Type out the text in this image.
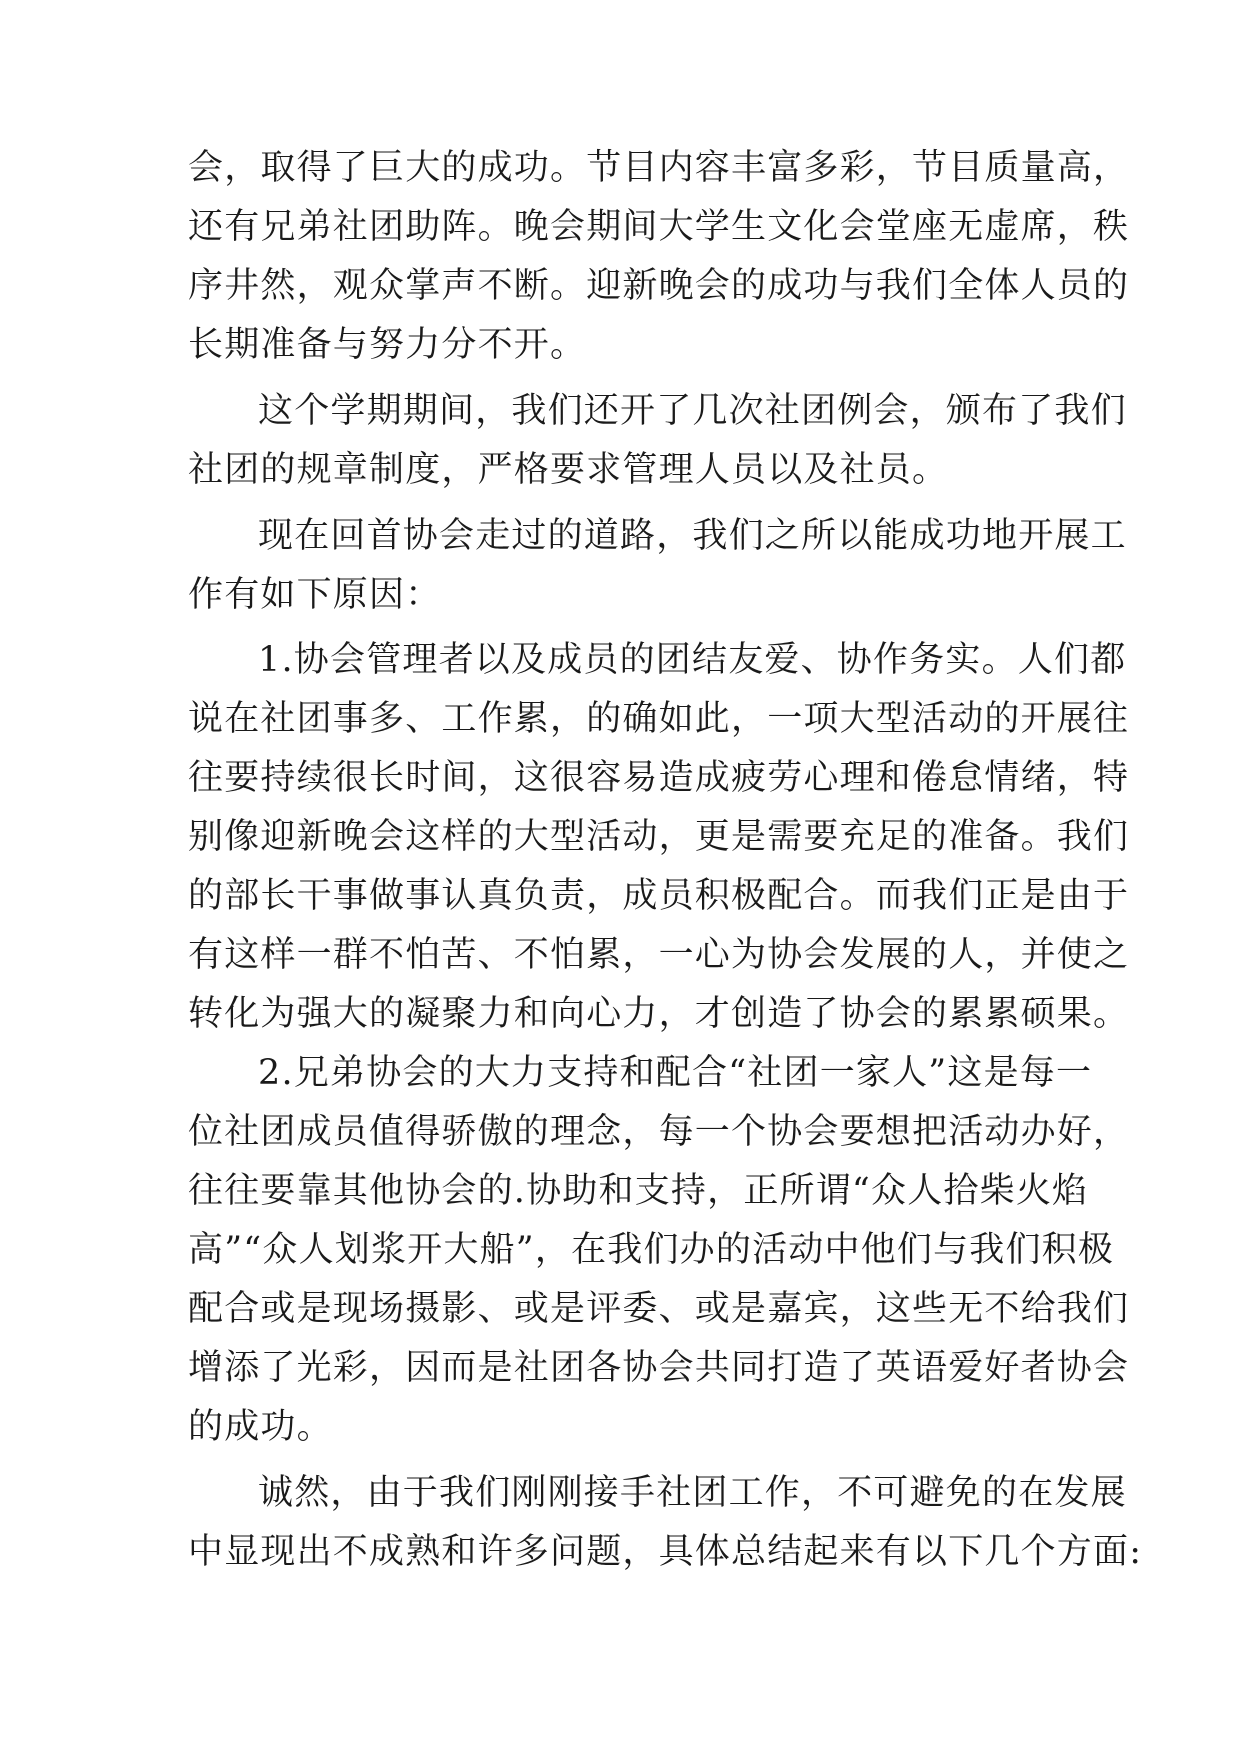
会，取得了巨大的成功。节目内容丰富多彩，节目质量高，
还有兄弟社团助阵。晚会期间大学生文化会堂座无虚席，秩
序井然，观众掌声不断。迎新晚会的成功与我们全体人员的
长期准备与努力分不开。
这个学期期间，我们还开了几次社团例会，颁布了我们
社团的规章制度，严格要求管理人员以及社员。
现在回首协会走过的道路，我们之所以能成功地开展工
作有如下原因：
1.协会管理者以及成员的团结友爱、协作务实。人们都
说在社团事多、工作累，的确如此，一项大型活动的开展往
往要持续很长时间，这很容易造成疲劳心理和倦怠情绪，特
别像迎新晚会这样的大型活动，更是需要充足的准备。我们
的部长干事做事认真负责，成员积极配合。而我们正是由于
有这样一群不怕苦、不怕累，一心为协会发展的人，并使之
转化为强大的凝聚力和向心力，才创造了协会的累累硕果。
2.兄弟协会的大力支持和配合“社团一家人”这是每一
位社团成员值得骄傲的理念，每一个协会要想把活动办好，
往往要靠其他协会的.协助和支持，正所谓“众人拾柴火焰
高”“众人划浆开大船”，在我们办的活动中他们与我们积极
配合或是现场摄影、或是评委、或是嘉宾，这些无不给我们
增添了光彩，因而是社团各协会共同打造了英语爱好者协会
的成功。
诚然，由于我们刚刚接手社团工作，不可避免的在发展
中显现出不成熟和许多问题，具体总结起来有以下几个方面:
